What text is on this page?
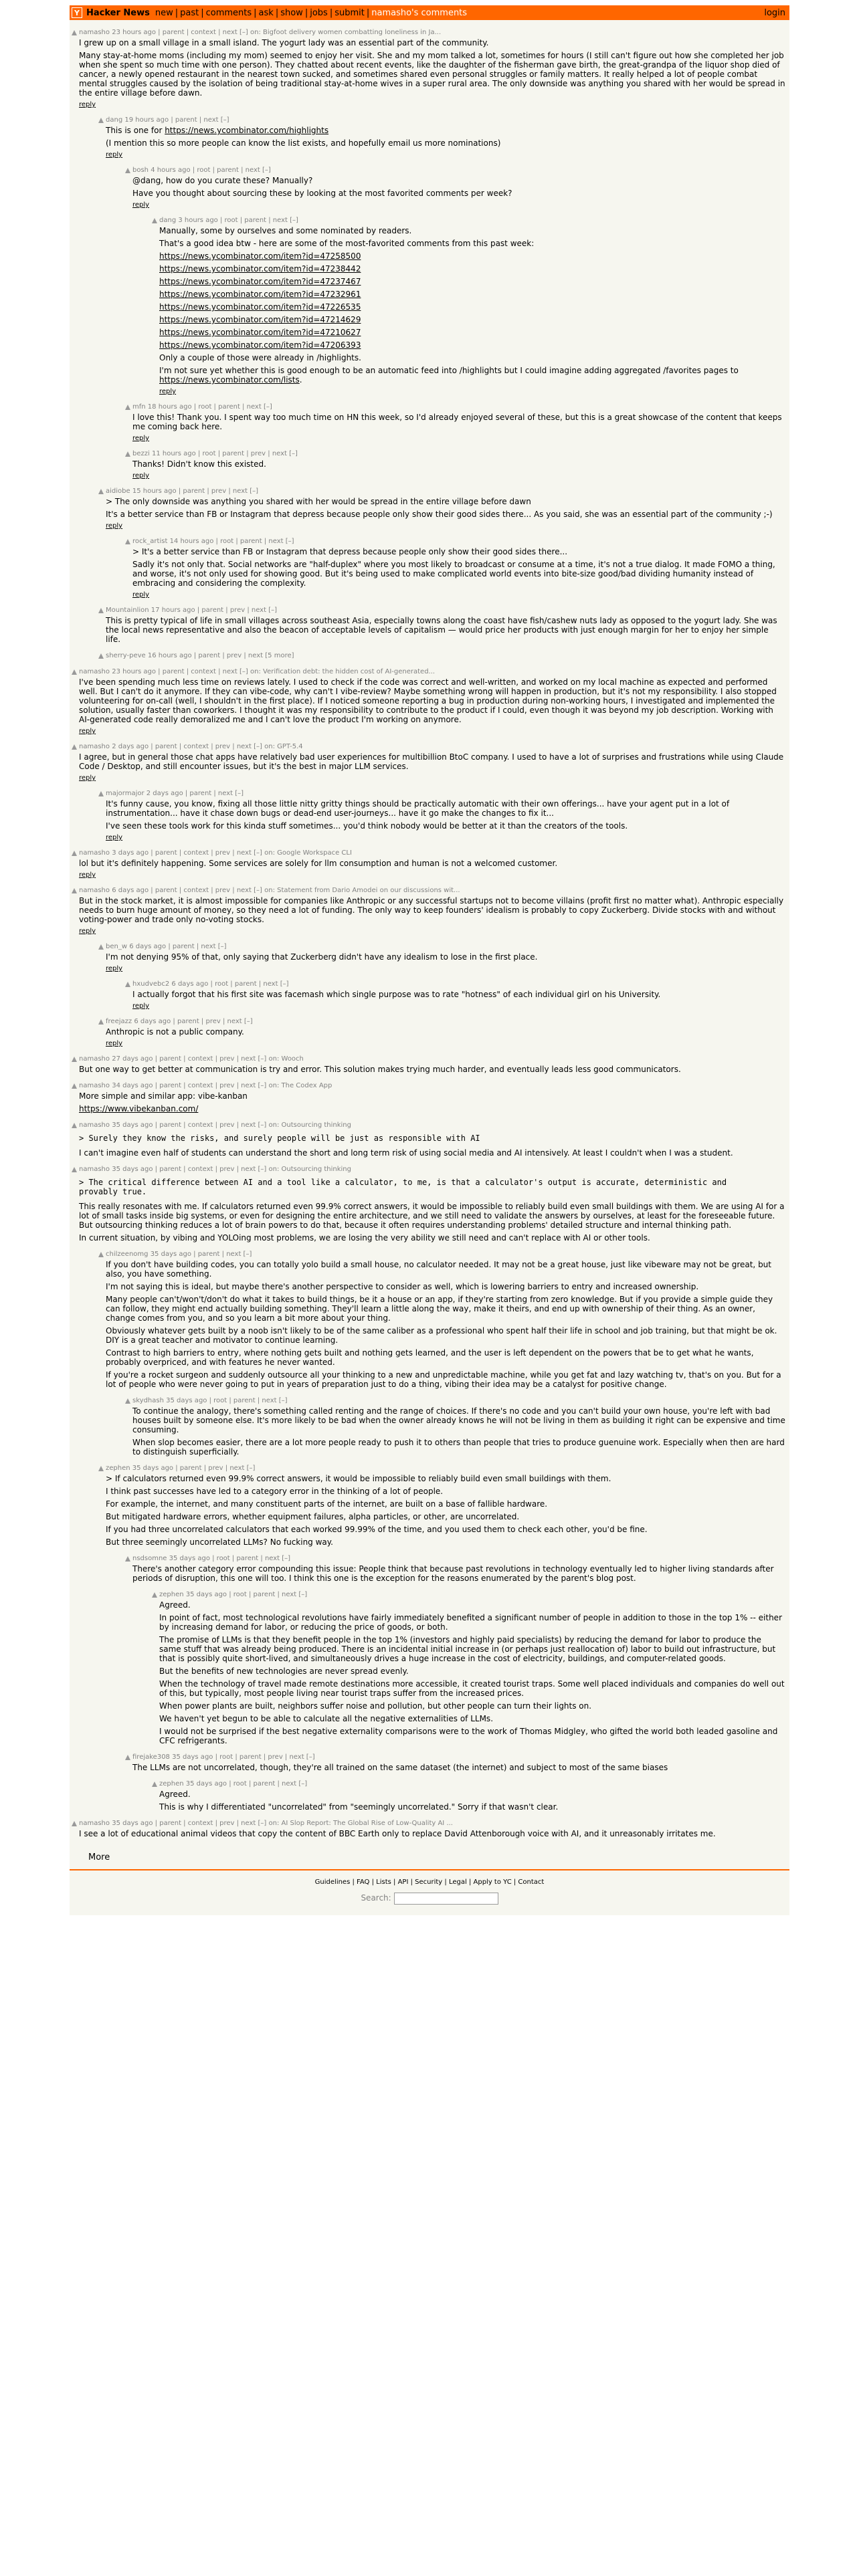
Y Hacker News new | past | comments | ask | show | jobs | submit | namasho's comments	login
namasho 23 hours ago | parent | context | next [–] on: Bigfoot delivery women combatting loneliness in Ja...

I grew up on a small village in a small island. The yogurt lady was an essential part of the community.

Many stay-at-home moms (including my mom) seemed to enjoy her visit. She and my mom talked a lot, sometimes for hours (I still can't figure out how she completed her job when she spent so much time with one person). They chatted about recent events, like the daughter of the fisherman gave birth, the great-grandpa of the liquor shop died of cancer, a newly opened restaurant in the nearest town sucked, and sometimes shared even personal struggles or family matters. It really helped a lot of people combat mental struggles caused by the isolation of being traditional stay-at-home wives in a super rural area. The only downside was anything you shared with her would be spread in the entire village before dawn.

reply
dang 19 hours ago | parent | next [–]

This is one for https://news.ycombinator.com/highlights

(I mention this so more people can know the list exists, and hopefully email us more nominations)

reply
bosh 4 hours ago | root | parent | next [–]

@dang, how do you curate these? Manually?

Have you thought about sourcing these by looking at the most favorited comments per week?

reply
dang 3 hours ago | root | parent | next [–]

Manually, some by ourselves and some nominated by readers.

That's a good idea btw - here are some of the most-favorited comments from this past week:

https://news.ycombinator.com/item?id=47258500

https://news.ycombinator.com/item?id=47238442

https://news.ycombinator.com/item?id=47237467

https://news.ycombinator.com/item?id=47232961

https://news.ycombinator.com/item?id=47226535

https://news.ycombinator.com/item?id=47214629

https://news.ycombinator.com/item?id=47210627

https://news.ycombinator.com/item?id=47206393

Only a couple of those were already in /highlights.

I'm not sure yet whether this is good enough to be an automatic feed into /highlights but I could imagine adding aggregated /favorites pages to https://news.ycombinator.com/lists.

reply
mfn 18 hours ago | root | parent | next [–]

I love this! Thank you. I spent way too much time on HN this week, so I'd already enjoyed several of these, but this is a great showcase of the content that keeps me coming back here.

reply
bezzi 11 hours ago | root | parent | prev | next [–]

Thanks! Didn't know this existed.

reply
aidiobe 15 hours ago | parent | prev | next [–]

> The only downside was anything you shared with her would be spread in the entire village before dawn

It's a better service than FB or Instagram that depress because people only show their good sides there... As you said, she was an essential part of the community ;-)

reply
rock_artist 14 hours ago | root | parent | next [–]

> It's a better service than FB or Instagram that depress because people only show their good sides there...

Sadly it's not only that. Social networks are "half-duplex" where you most likely to broadcast or consume at a time, it's not a true dialog. It made FOMO a thing, and worse, it's not only used for showing good. But it's being used to make complicated world events into bite-size good/bad dividing humanity instead of embracing and considering the complexity.

reply
Mountainlion 17 hours ago | parent | prev | next [–]

This is pretty typical of life in small villages across southeast Asia, especially towns along the coast have fish/cashew nuts lady as opposed to the yogurt lady. She was the local news representative and also the beacon of acceptable levels of capitalism — would price her products with just enough margin for her to enjoy her simple life.

sherry-peve 16 hours ago | parent | prev | next [5 more]
namasho 23 hours ago | parent | context | next [–] on: Verification debt: the hidden cost of AI-generated...

I've been spending much less time on reviews lately. I used to check if the code was correct and well-written, and worked on my local machine as expected and performed well. But I can't do it anymore. If they can vibe-code, why can't I vibe-review? Maybe something wrong will happen in production, but it's not my responsibility. I also stopped volunteering for on-call (well, I shouldn't in the first place). If I noticed someone reporting a bug in production during non-working hours, I investigated and implemented the solution, usually faster than coworkers. I thought it was my responsibility to contribute to the product if I could, even though it was beyond my job description. Working with AI-generated code really demoralized me and I can't love the product I'm working on anymore.

reply
namasho 2 days ago | parent | context | prev | next [–] on: GPT-5.4

I agree, but in general those chat apps have relatively bad user experiences for multibillion BtoC company. I used to have a lot of surprises and frustrations while using Claude Code / Desktop, and still encounter issues, but it's the best in major LLM services.

reply
majormajor 2 days ago | parent | next [–]

It's funny cause, you know, fixing all those little nitty gritty things should be practically automatic with their own offerings... have your agent put in a lot of instrumentation... have it chase down bugs or dead-end user-journeys... have it go make the changes to fix it...

I've seen these tools work for this kinda stuff sometimes... you'd think nobody would be better at it than the creators of the tools.

reply
namasho 3 days ago | parent | context | prev | next [–] on: Google Workspace CLI

lol but it's definitely happening. Some services are solely for llm consumption and human is not a welcomed customer.

reply
namasho 6 days ago | parent | context | prev | next [–] on: Statement from Dario Amodei on our discussions wit...

But in the stock market, it is almost impossible for companies like Anthropic or any successful startups not to become villains (profit first no matter what). Anthropic especially needs to burn huge amount of money, so they need a lot of funding. The only way to keep founders' idealism is probably to copy Zuckerberg. Divide stocks with and without voting-power and trade only no-voting stocks.

reply
ben_w 6 days ago | parent | next [–]

I'm not denying 95% of that, only saying that Zuckerberg didn't have any idealism to lose in the first place.

reply
hxudvebc2 6 days ago | root | parent | next [–]

I actually forgot that his first site was facemash which single purpose was to rate "hotness" of each individual girl on his University.

reply
freejazz 6 days ago | parent | prev | next [–]

Anthropic is not a public company.

reply
namasho 27 days ago | parent | context | prev | next [–] on: Wooch

But one way to get better at communication is try and error. This solution makes trying much harder, and eventually leads less good communicators.

namasho 34 days ago | parent | context | prev | next [–] on: The Codex App

More simple and similar app: vibe-kanban

https://www.vibekanban.com/

namasho 35 days ago | parent | context | prev | next [–] on: Outsourcing thinking
> Surely they know the risks, and surely people will be just as responsible with AI

I can't imagine even half of students can understand the short and long term risk of using social media and AI intensively. At least I couldn't when I was a student.

namasho 35 days ago | parent | context | prev | next [–] on: Outsourcing thinking
> The critical difference between AI and a tool like a calculator, to me, is that a calculator's output is accurate, deterministic and
provably true.

This really resonates with me. If calculators returned even 99.9% correct answers, it would be impossible to reliably build even small buildings with them. We are using AI for a lot of small tasks inside big systems, or even for designing the entire architecture, and we still need to validate the answers by ourselves, at least for the foreseeable future. But outsourcing thinking reduces a lot of brain powers to do that, because it often requires understanding problems' detailed structure and internal thinking path.

In current situation, by vibing and YOLOing most problems, we are losing the very ability we still need and can't replace with AI or other tools.

chilzeenomg 35 days ago | parent | next [–]

If you don't have building codes, you can totally yolo build a small house, no calculator needed. It may not be a great house, just like vibeware may not be great, but also, you have something.

I'm not saying this is ideal, but maybe there's another perspective to consider as well, which is lowering barriers to entry and increased ownership.

Many people can't/won't/don't do what it takes to build things, be it a house or an app, if they're starting from zero knowledge. But if you provide a simple guide they can follow, they might end actually building something. They'll learn a little along the way, make it theirs, and end up with ownership of their thing. As an owner, change comes from you, and so you learn a bit more about your thing.

Obviously whatever gets built by a noob isn't likely to be of the same caliber as a professional who spent half their life in school and job training, but that might be ok. DIY is a great teacher and motivator to continue learning.

Contrast to high barriers to entry, where nothing gets built and nothing gets learned, and the user is left dependent on the powers that be to get what he wants, probably overpriced, and with features he never wanted.

If you're a rocket surgeon and suddenly outsource all your thinking to a new and unpredictable machine, while you get fat and lazy watching tv, that's on you. But for a lot of people who were never going to put in years of preparation just to do a thing, vibing their idea may be a catalyst for positive change.

skydhash 35 days ago | root | parent | next [–]

To continue the analogy, there's something called renting and the range of choices. If there's no code and you can't build your own house, you're left with bad houses built by someone else. It's more likely to be bad when the owner already knows he will not be living in them as building it right can be expensive and time consuming.

When slop becomes easier, there are a lot more people ready to push it to others than people that tries to produce guenuine work. Especially when then are hard to distinguish superficially.

zephen 35 days ago | parent | prev | next [–]

> If calculators returned even 99.9% correct answers, it would be impossible to reliably build even small buildings with them.

I think past successes have led to a category error in the thinking of a lot of people.

For example, the internet, and many constituent parts of the internet, are built on a base of fallible hardware.

But mitigated hardware errors, whether equipment failures, alpha particles, or other, are uncorrelated.

If you had three uncorrelated calculators that each worked 99.99% of the time, and you used them to check each other, you'd be fine.

But three seemingly uncorrelated LLMs? No fucking way.

nsdsomne 35 days ago | root | parent | next [–]

There's another category error compounding this issue: People think that because past revolutions in technology eventually led to higher living standards after periods of disruption, this one will too. I think this one is the exception for the reasons enumerated by the parent's blog post.

zephen 35 days ago | root | parent | next [–]

Agreed.

In point of fact, most technological revolutions have fairly immediately benefited a significant number of people in addition to those in the top 1% -- either by increasing demand for labor, or reducing the price of goods, or both.

The promise of LLMs is that they benefit people in the top 1% (investors and highly paid specialists) by reducing the demand for labor to produce the same stuff that was already being produced. There is an incidental initial increase in (or perhaps just reallocation of) labor to build out infrastructure, but that is possibly quite short-lived, and simultaneously drives a huge increase in the cost of electricity, buildings, and computer-related goods.

But the benefits of new technologies are never spread evenly.

When the technology of travel made remote destinations more accessible, it created tourist traps. Some well placed individuals and companies do well out of this, but typically, most people living near tourist traps suffer from the increased prices.

When power plants are built, neighbors suffer noise and pollution, but other people can turn their lights on.

We haven't yet begun to be able to calculate all the negative externalities of LLMs.

I would not be surprised if the best negative externality comparisons were to the work of Thomas Midgley, who gifted the world both leaded gasoline and CFC refrigerants.

firejake308 35 days ago | root | parent | prev | next [–]

The LLMs are not uncorrelated, though, they're all trained on the same dataset (the internet) and subject to most of the same biases

zephen 35 days ago | root | parent | next [–]

Agreed.

This is why I differentiated "uncorrelated" from "seemingly uncorrelated." Sorry if that wasn't clear.

namasho 35 days ago | parent | context | prev | next [–] on: AI Slop Report: The Global Rise of Low-Quality AI ...

I see a lot of educational animal videos that copy the content of BBC Earth only to replace David Attenborough voice with AI, and it unreasonably irritates me.

More
Guidelines | FAQ | Lists | API | Security | Legal | Apply to YC | Contact
Search:
